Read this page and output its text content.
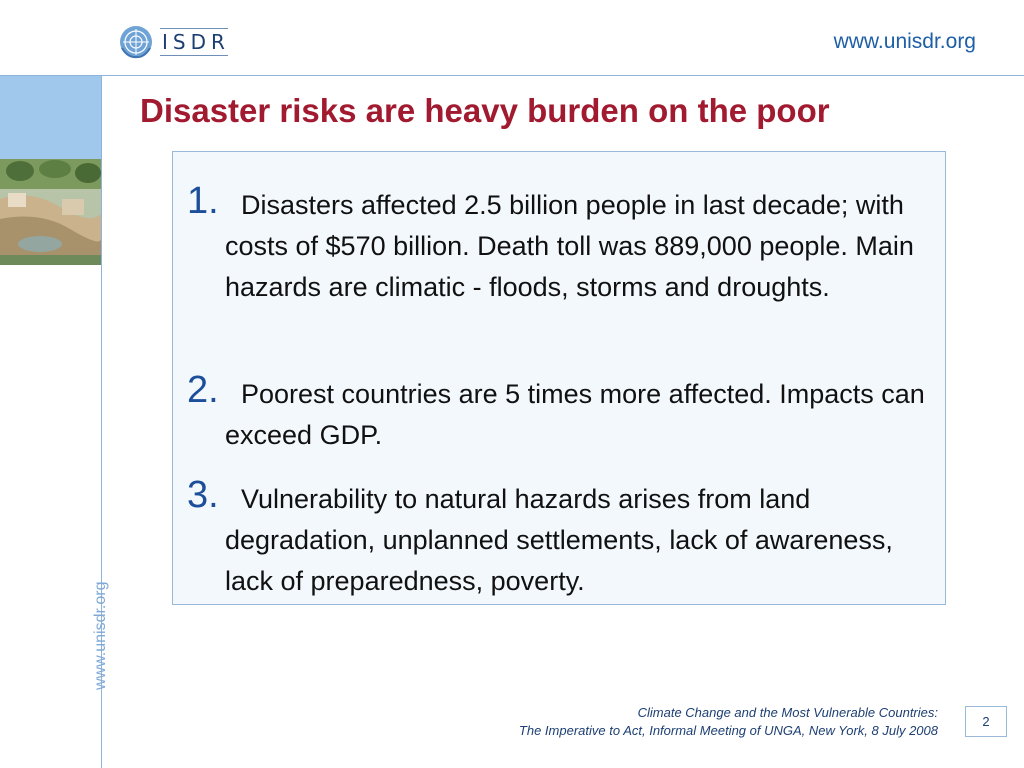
ISDR	www.unisdr.org
www.unisdr.org
Disaster risks are heavy burden on the poor
1. Disasters affected 2.5 billion people in last decade; with costs of $570 billion. Death toll was 889,000 people. Main hazards are climatic - floods, storms and droughts.
2. Poorest countries are 5 times more affected. Impacts can exceed GDP.
3. Vulnerability to natural hazards arises from land degradation, unplanned settlements, lack of awareness, lack of preparedness, poverty.
Climate Change and the Most Vulnerable Countries:
The Imperative to Act, Informal Meeting of UNGA, New York, 8 July 2008
2
